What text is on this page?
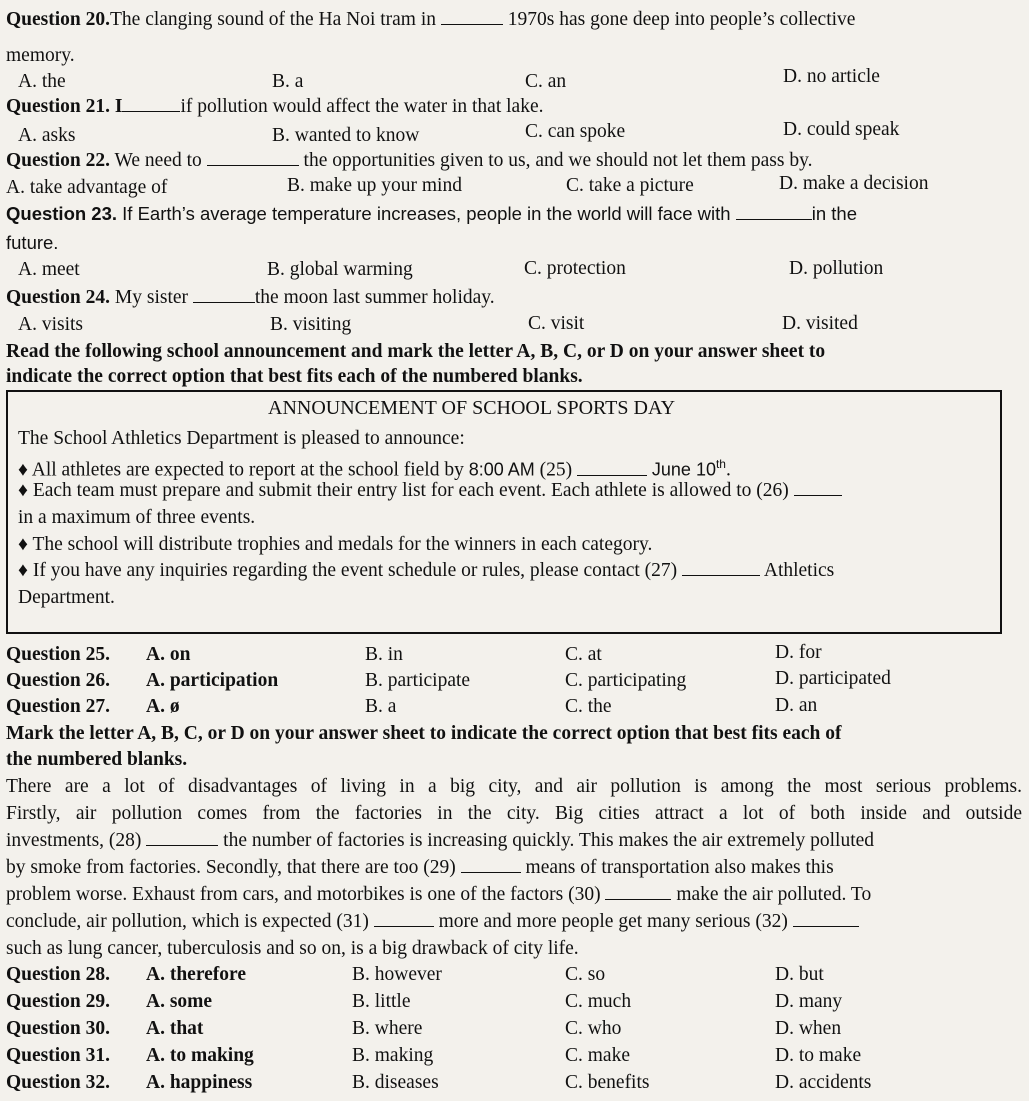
Question 20.The clanging sound of the Ha Noi tram in	1970s has gone deep into people’s collective
memory.
A. the	B. a	C. an	D. no article
Question 21. I	if pollution would affect the water in that lake.
A. asks	B. wanted to know	C. can spoke	D. could speak
Question 22. We need to	the opportunities given to us, and we should not let them pass by.
A. take advantage of	B. make up your mind	C. take a picture	D. make a decision
Question 23. If Earth’s average temperature increases, people in the world will face with	in the
future.
A. meet	B. global warming	C. protection	D. pollution
Question 24. My sister	the moon last summer holiday.
A. visits	B. visiting	C. visit	D. visited
Read the following school announcement and mark the letter A, B, C, or D on your answer sheet to
indicate the correct option that best fits each of the numbered blanks.
ANNOUNCEMENT OF SCHOOL SPORTS DAY
The School Athletics Department is pleased to announce:
♦ All athletes are expected to report at the school field by 8:00 AM (25)	June 10th.
♦ Each team must prepare and submit their entry list for each event. Each athlete is allowed to (26)
in a maximum of three events.
♦ The school will distribute trophies and medals for the winners in each category.
♦ If you have any inquiries regarding the event schedule or rules, please contact (27)	Athletics
Department.
Question 25. A. on	B. in	C. at	D. for
Question 26. A. participation	B. participate	C. participating	D. participated
Question 27. A. ø	B. a	C. the	D. an
Mark the letter A, B, C, or D on your answer sheet to indicate the correct option that best fits each of
the numbered blanks.
There are a lot of disadvantages of living in a big city, and air pollution is among the most serious problems.
Firstly, air pollution comes from the factories in the city. Big cities attract a lot of both inside and outside
investments, (28)	the number of factories is increasing quickly. This makes the air extremely polluted
by smoke from factories. Secondly, that there are too (29)	means of transportation also makes this
problem worse. Exhaust from cars, and motorbikes is one of the factors (30)	make the air polluted. To
conclude, air pollution, which is expected (31)	more and more people get many serious (32)
such as lung cancer, tuberculosis and so on, is a big drawback of city life.
Question 28. A. therefore	B. however	C. so	D. but
Question 29. A. some	B. little	C. much	D. many
Question 30. A. that	B. where	C. who	D. when
Question 31. A. to making	B. making	C. make	D. to make
Question 32. A. happiness	B. diseases	C. benefits	D. accidents
